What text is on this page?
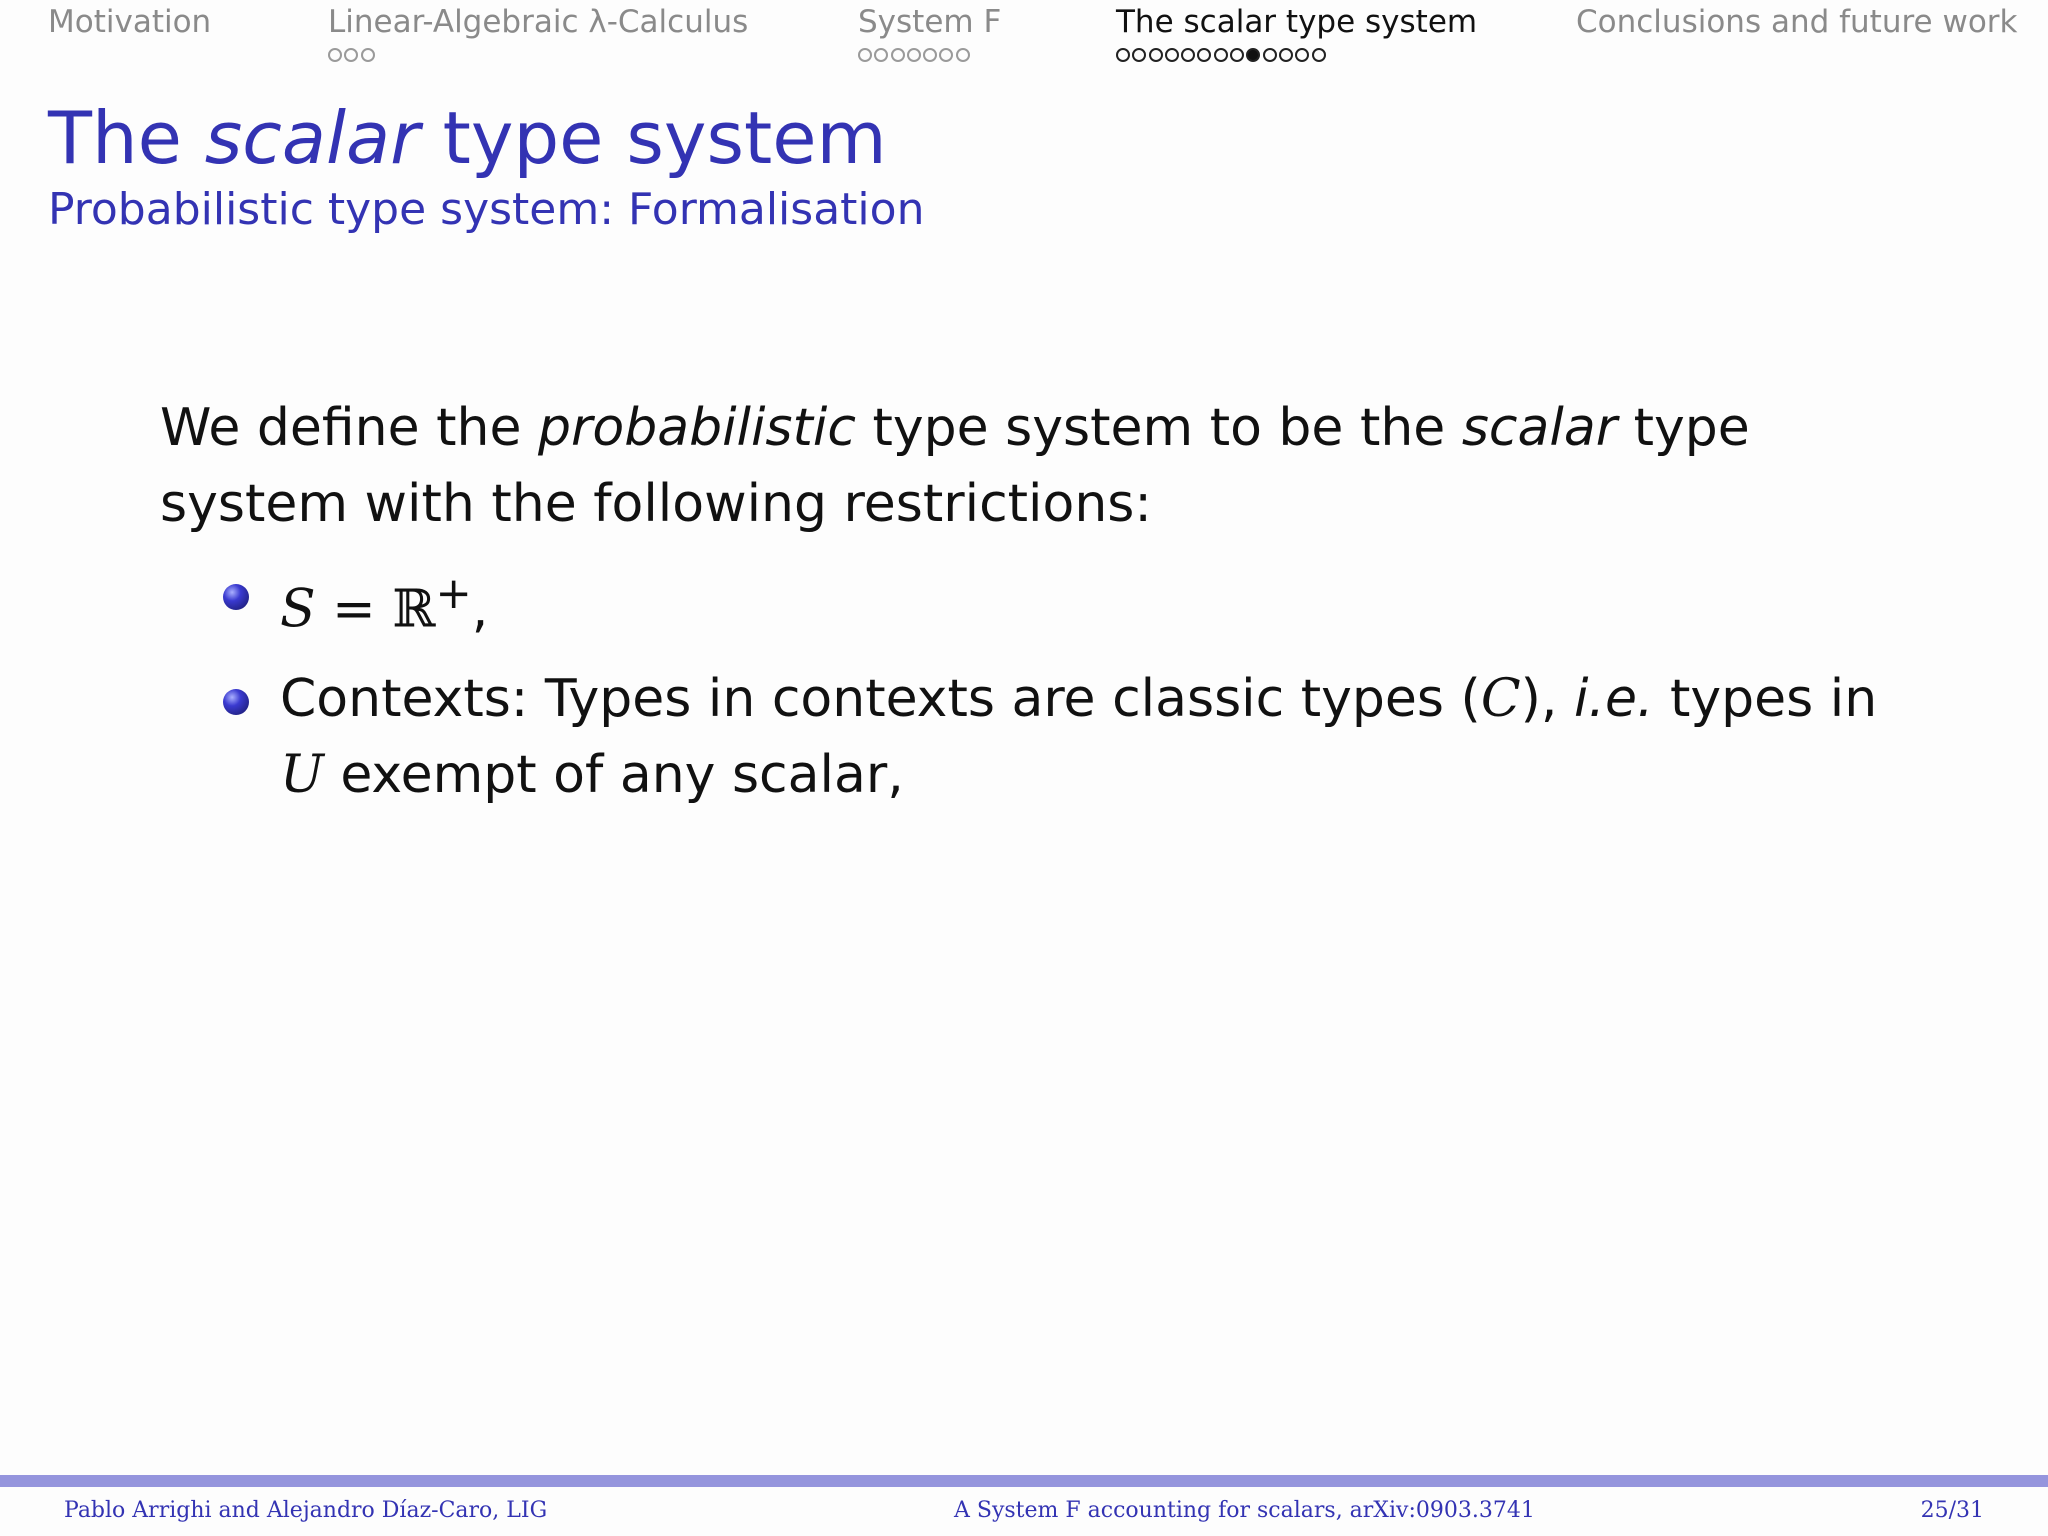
Motivation	Linear-Algebraic λ-Calculus	System F	The scalar type system	Conclusions and future work
The scalar type system
Probabilistic type system: Formalisation

We define the probabilistic type system to be the scalar type system with the following restrictions:

S = ℝ+,
Contexts: Types in contexts are classic types (C), i.e. types in U exempt of any scalar,
Pablo Arrighi and Alejandro Díaz-Caro, LIG	A System F accounting for scalars, arXiv:0903.3741	25/31
